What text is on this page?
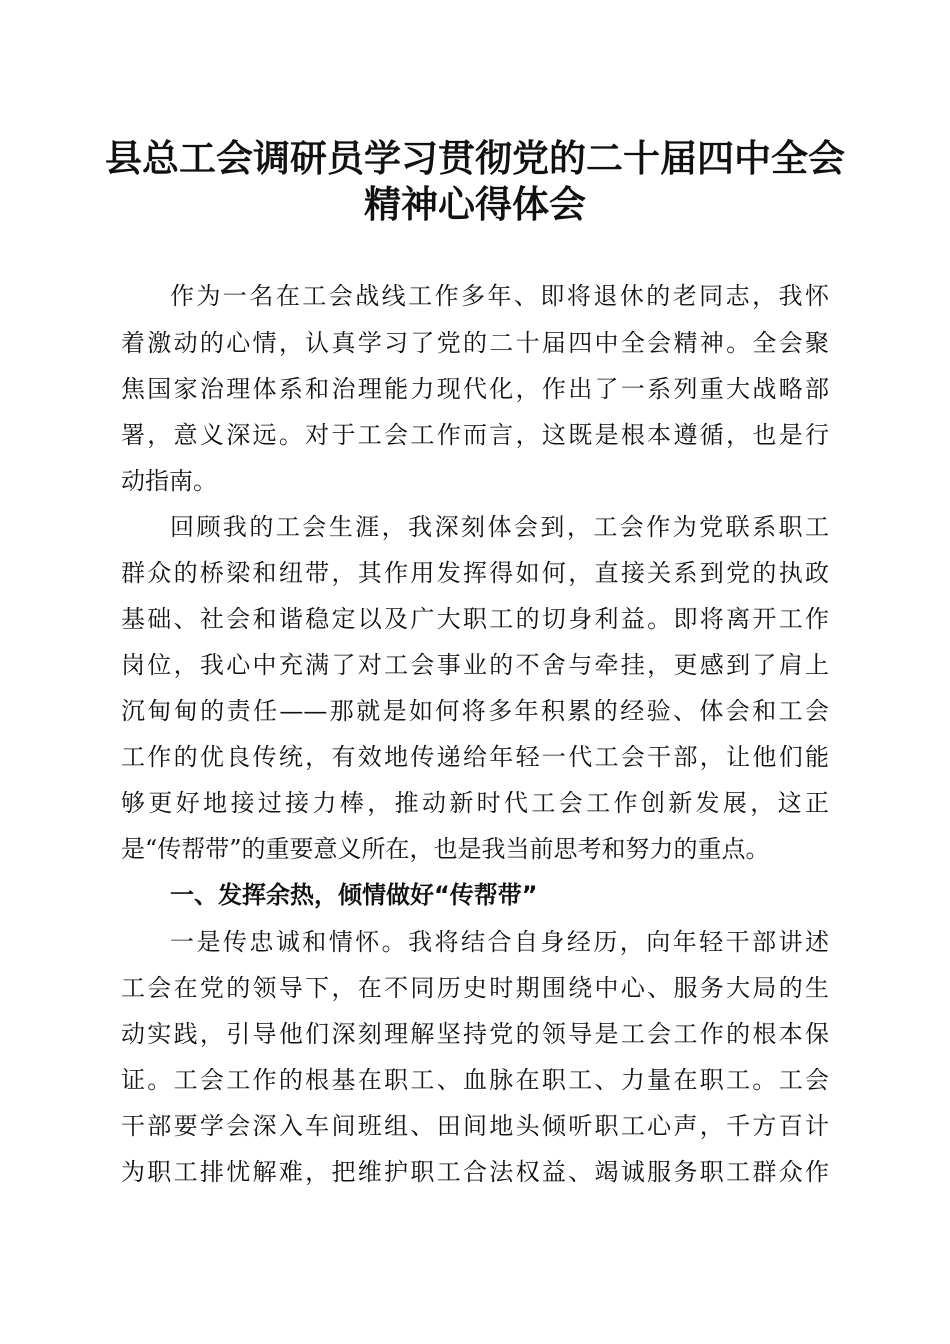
县总工会调研员学习贯彻党的二十届四中全会
精神心得体会

作为一名在工会战线工作多年、即将退休的老同志，我怀

着激动的心情，认真学习了党的二十届四中全会精神。全会聚

焦国家治理体系和治理能力现代化，作出了一系列重大战略部

署，意义深远。对于工会工作而言，这既是根本遵循，也是行

动指南。

回顾我的工会生涯，我深刻体会到，工会作为党联系职工

群众的桥梁和纽带，其作用发挥得如何，直接关系到党的执政

基础、社会和谐稳定以及广大职工的切身利益。即将离开工作

岗位，我心中充满了对工会事业的不舍与牵挂，更感到了肩上

沉甸甸的责任——那就是如何将多年积累的经验、体会和工会

工作的优良传统，有效地传递给年轻一代工会干部，让他们能

够更好地接过接力棒，推动新时代工会工作创新发展，这正

是“传帮带”的重要意义所在，也是我当前思考和努力的重点。

一、发挥余热，倾情做好“传帮带”

一是传忠诚和情怀。我将结合自身经历，向年轻干部讲述

工会在党的领导下，在不同历史时期围绕中心、服务大局的生

动实践，引导他们深刻理解坚持党的领导是工会工作的根本保

证。工会工作的根基在职工、血脉在职工、力量在职工。工会

干部要学会深入车间班组、田间地头倾听职工心声，千方百计

为职工排忧解难，把维护职工合法权益、竭诚服务职工群众作
